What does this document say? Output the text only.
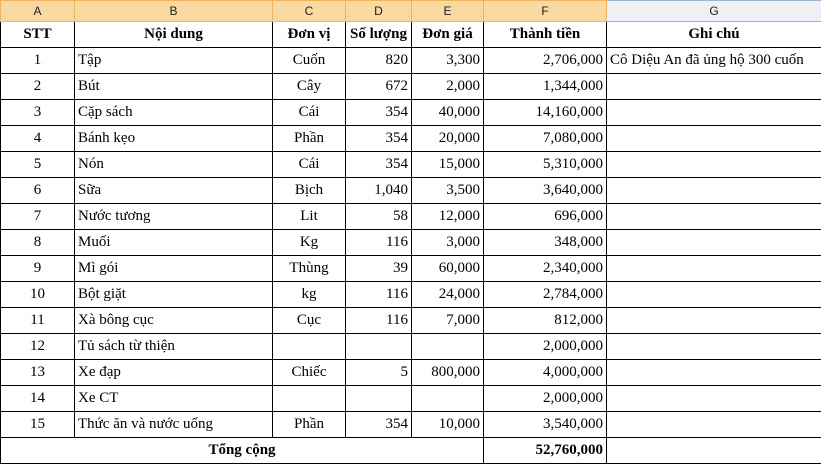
A	B	C	D	E	F	G
STT	Nội dung	Đơn vị	Số lượng	Đơn giá	Thành tiền	Ghi chú
1	Tập	Cuốn	820	3,300	2,706,000	Cô Diệu An đã ủng hộ 300 cuốn
2	Bút	Cây	672	2,000	1,344,000	
3	Cặp sách	Cái	354	40,000	14,160,000	
4	Bánh kẹo	Phần	354	20,000	7,080,000	
5	Nón	Cái	354	15,000	5,310,000	
6	Sữa	Bịch	1,040	3,500	3,640,000	
7	Nước tương	Lit	58	12,000	696,000	
8	Muối	Kg	116	3,000	348,000	
9	Mì gói	Thùng	39	60,000	2,340,000	
10	Bột giặt	kg	116	24,000	2,784,000	
11	Xà bông cục	Cục	116	7,000	812,000	
12	Tủ sách từ thiện				2,000,000	
13	Xe đạp	Chiếc	5	800,000	4,000,000	
14	Xe CT				2,000,000	
15	Thức ăn và nước uống	Phần	354	10,000	3,540,000	
Tổng cộng					52,760,000	
